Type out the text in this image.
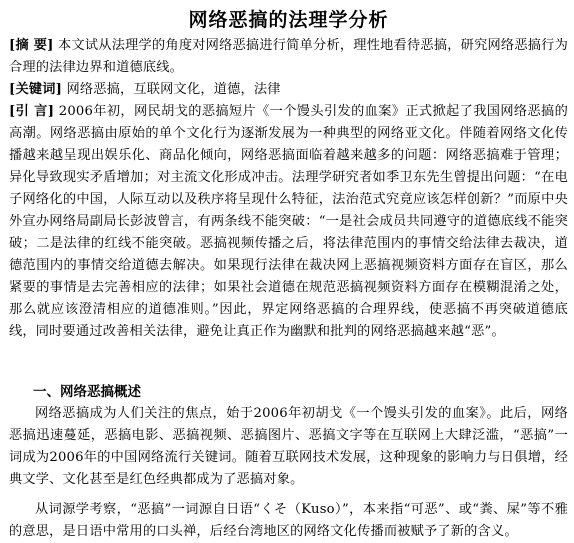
网络恶搞的法理学分析

[摘 要] 本文试从法理学的角度对网络恶搞进行简单分析，理性地看待恶搞，研究网络恶搞行为合理的法律边界和道德底线。

[关键词] 网络恶搞，互联网文化，道德，法律

[引 言] 2006年初，网民胡戈的恶搞短片《一个馒头引发的血案》正式掀起了我国网络恶搞的高潮。网络恶搞由原始的单个文化行为逐渐发展为一种典型的网络亚文化。伴随着网络文化传播越来越呈现出娱乐化、商品化倾向，网络恶搞面临着越来越多的问题：网络恶搞难于管理；异化导致现实矛盾增加；对主流文化形成冲击。法理学研究者如季卫东先生曾提出问题：“在电子网络化的中国，人际互动以及秩序将呈现什么特征，法治范式究竟应该怎样创新？”而原中央外宣办网络局副局长彭波曾言，有两条线不能突破：“一是社会成员共同遵守的道德底线不能突破；二是法律的红线不能突破。恶搞视频传播之后，将法律范围内的事情交给法律去裁决，道德范围内的事情交给道德去解决。如果现行法律在裁决网上恶搞视频资料方面存在盲区，那么紧要的事情是去完善相应的法律；如果社会道德在规范恶搞视频资料方面存在模糊混淆之处，那么就应该澄清相应的道德准则。”因此，界定网络恶搞的合理界线，使恶搞不再突破道德底线，同时要通过改善相关法律，避免让真正作为幽默和批判的网络恶搞越来越“恶”。

一、网络恶搞概述

网络恶搞成为人们关注的焦点，始于2006年初胡戈《一个馒头引发的血案》。此后，网络恶搞迅速蔓延，恶搞电影、恶搞视频、恶搞图片、恶搞文字等在互联网上大肆泛滥，“恶搞”一词成为2006年的中国网络流行关键词。随着互联网技术发展，这种现象的影响力与日俱增，经典文学、文化甚至是红色经典都成为了恶搞对象。

从词源学考察，“恶搞”一词源自日语“くそ（Kuso）”，本来指“可恶”、或“粪、屎”等不雅的意思，是日语中常用的口头禅，后经台湾地区的网络文化传播而被赋予了新的含义。
